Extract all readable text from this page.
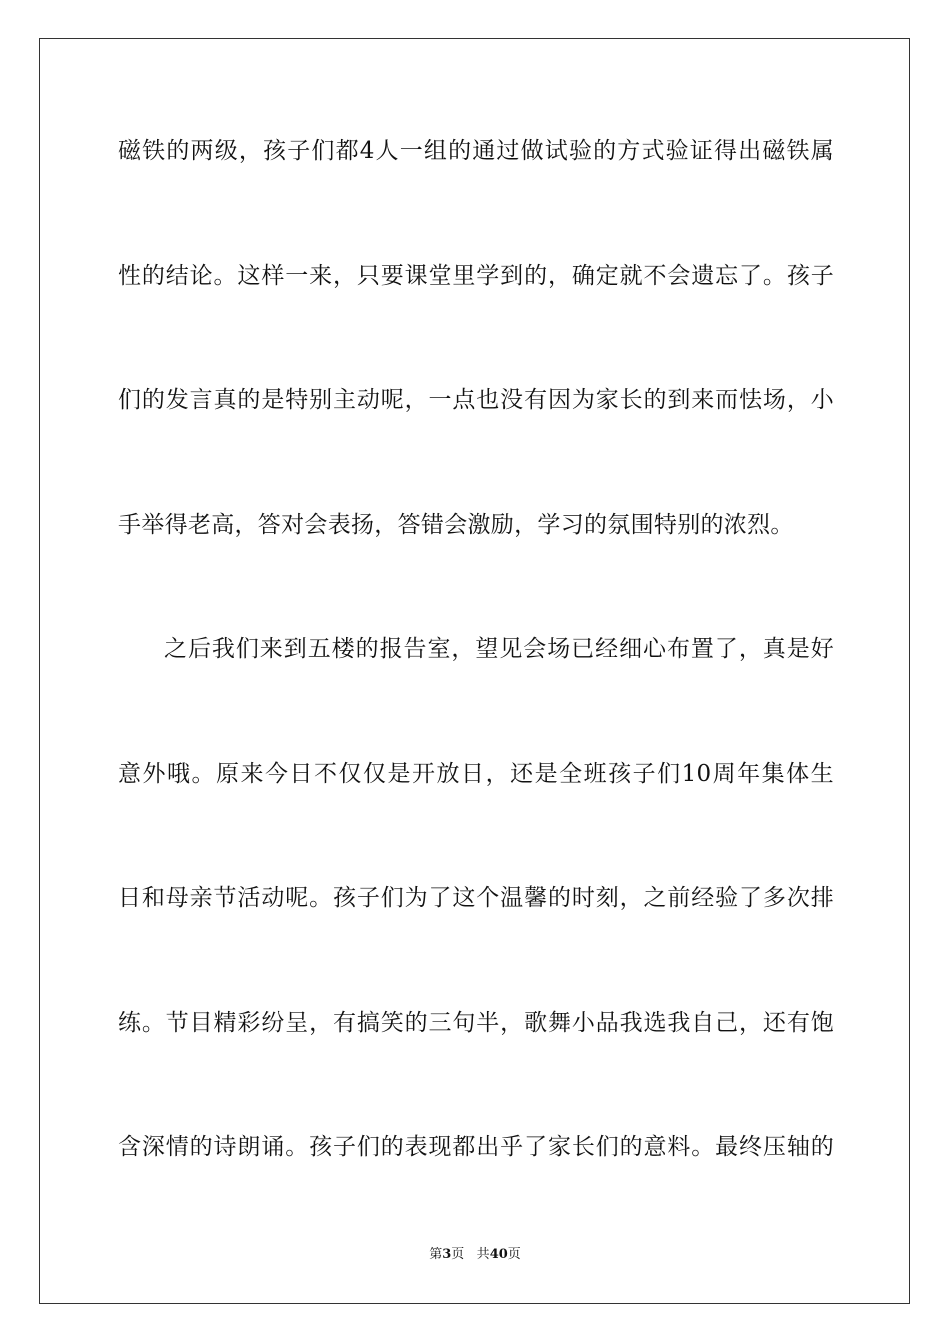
磁铁的两级，孩子们都4人一组的通过做试验的方式验证得出磁铁属
性的结论。这样一来，只要课堂里学到的，确定就不会遗忘了。孩子
们的发言真的是特别主动呢，一点也没有因为家长的到来而怯场，小
手举得老高，答对会表扬，答错会激励，学习的氛围特别的浓烈。
之后我们来到五楼的报告室，望见会场已经细心布置了，真是好
意外哦。原来今日不仅仅是开放日，还是全班孩子们10周年集体生
日和母亲节活动呢。孩子们为了这个温馨的时刻，之前经验了多次排
练。节目精彩纷呈，有搞笑的三句半，歌舞小品我选我自己，还有饱
含深情的诗朗诵。孩子们的表现都出乎了家长们的意料。最终压轴的
第3页 共40页
